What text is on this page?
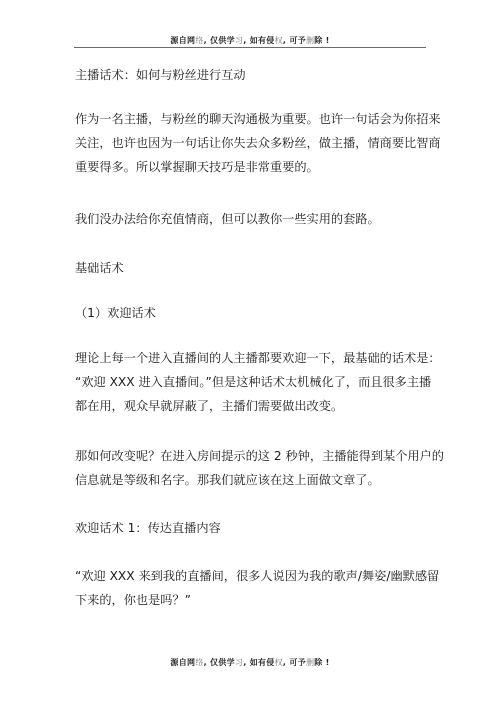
源自网络, 仅供学习, 如有侵权, 可予删除 !
主播话术：如何与粉丝进行互动
作为一名主播，与粉丝的聊天沟通极为重要。也许一句话会为你招来
关注，也许也因为一句话让你失去众多粉丝，做主播，情商要比智商
重要得多。所以掌握聊天技巧是非常重要的。
我们没办法给你充值情商，但可以教你一些实用的套路。
基础话术
（1）欢迎话术
理论上每一个进入直播间的人主播都要欢迎一下，最基础的话术是：
“欢迎 XXX 进入直播间。”但是这种话术太机械化了，而且很多主播
都在用，观众早就屏蔽了，主播们需要做出改变。
那如何改变呢？在进入房间提示的这 2 秒钟，主播能得到某个用户的
信息就是等级和名字。那我们就应该在这上面做文章了。
欢迎话术 1：传达直播内容
“欢迎 XXX 来到我的直播间，很多人说因为我的歌声/舞姿/幽默感留
下来的，你也是吗？”
源自网络, 仅供学习, 如有侵权, 可予删除 !
